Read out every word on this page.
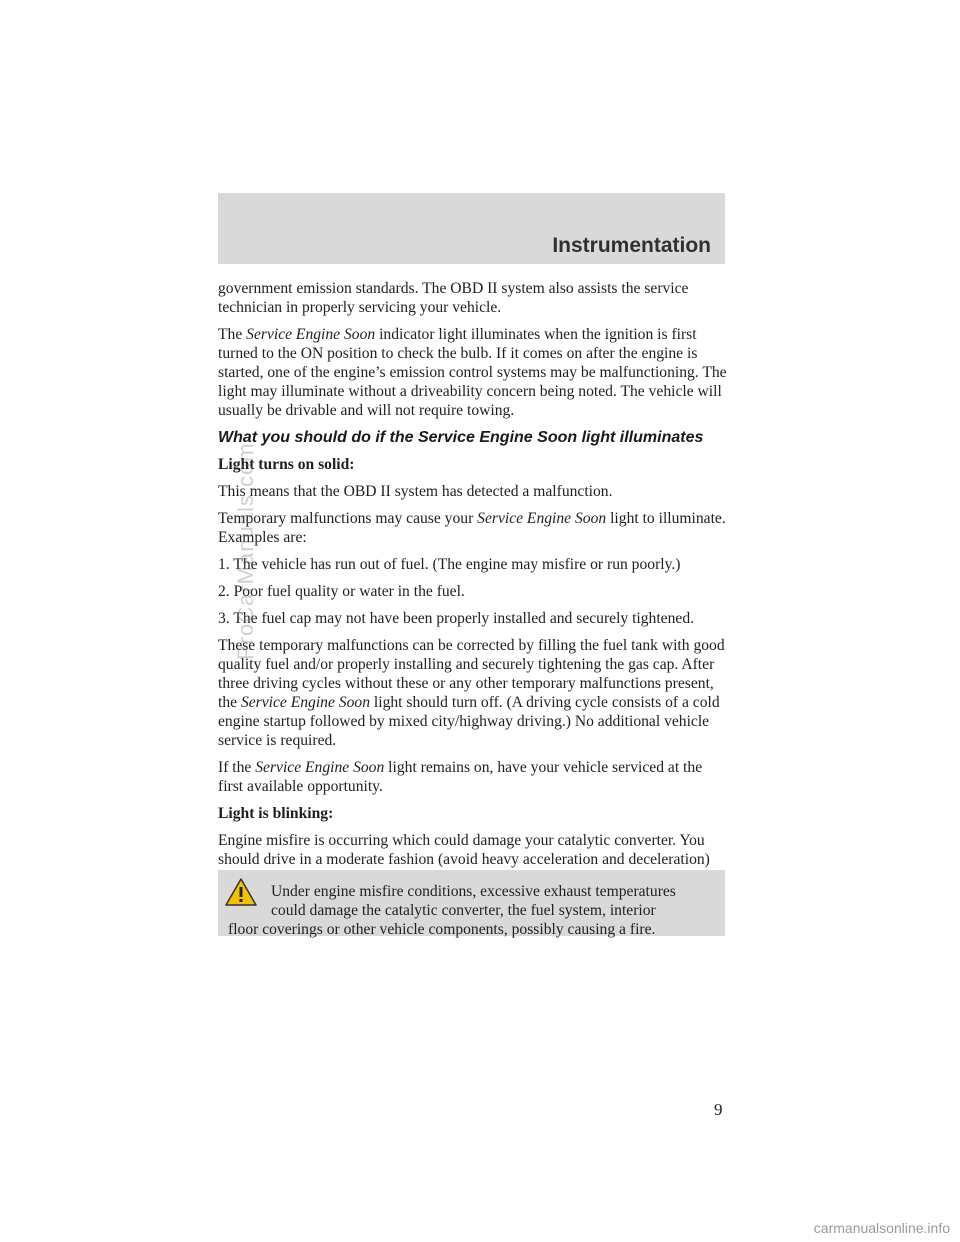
Instrumentation

government emission standards. The OBD II system also assists the service technician in properly servicing your vehicle.

The Service Engine Soon indicator light illuminates when the ignition is first turned to the ON position to check the bulb. If it comes on after the engine is started, one of the engine’s emission control systems may be malfunctioning. The light may illuminate without a driveability concern being noted. The vehicle will usually be drivable and will not require towing.

What you should do if the Service Engine Soon light illuminates

Light turns on solid:

This means that the OBD II system has detected a malfunction.

Temporary malfunctions may cause your Service Engine Soon light to illuminate. Examples are:

1. The vehicle has run out of fuel. (The engine may misfire or run poorly.)

2. Poor fuel quality or water in the fuel.

3. The fuel cap may not have been properly installed and securely tightened.

These temporary malfunctions can be corrected by filling the fuel tank with good quality fuel and/or properly installing and securely tightening the gas cap. After three driving cycles without these or any other temporary malfunctions present, the Service Engine Soon light should turn off. (A driving cycle consists of a cold engine startup followed by mixed city/highway driving.) No additional vehicle service is required.

If the Service Engine Soon light remains on, have your vehicle serviced at the first available opportunity.

Light is blinking:

Engine misfire is occurring which could damage your catalytic converter. You should drive in a moderate fashion (avoid heavy acceleration and deceleration)

Under engine misfire conditions, excessive exhaust temperatures
could damage the catalytic converter, the fuel system, interior
floor coverings or other vehicle components, possibly causing a fire.
9
ProCarManuals.com
carmanualsonline.info
